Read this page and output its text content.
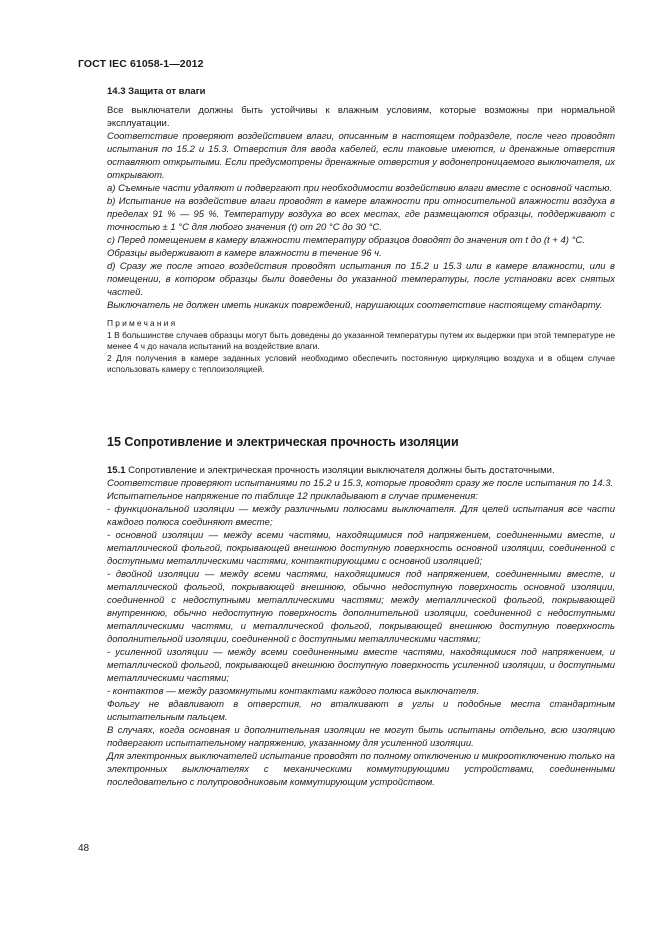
ГОСТ IEC 61058-1—2012
14.3 Защита от влаги

Все выключатели должны быть устойчивы к влажным условиям, которые возможны при нормальной эксплуатации.

Соответствие проверяют воздействием влаги, описанным в настоящем подразделе, после чего проводят испытания по 15.2 и 15.3. Отверстия для ввода кабелей, если таковые имеются, и дренажные отверстия оставляют открытыми. Если предусмотрены дренажные отверстия у водонепроницаемого выключателя, их открывают.

a) Съемные части удаляют и подвергают при необходимости воздействию влаги вместе с основной частью.

b) Испытание на воздействие влаги проводят в камере влажности при относительной влажности воздуха в пределах 91 % — 95 %. Температуру воздуха во всех местах, где размещаются образцы, поддерживают с точностью ± 1 °С для любого значения (t) от 20 °С до 30 °С.

c) Перед помещением в камеру влажности температуру образцов доводят до значения от t до (t + 4) °С.

Образцы выдерживают в камере влажности в течение 96 ч.

d) Сразу же после этого воздействия проводят испытания по 15.2 и 15.3 или в камере влажности, или в помещении, в котором образцы были доведены до указанной температуры, после установки всех снятых частей.

Выключатель не должен иметь никаких повреждений, нарушающих соответствие настоящему стандарту.

Примечания

1 В большинстве случаев образцы могут быть доведены до указанной температуры путем их выдержки при этой температуре не менее 4 ч до начала испытаний на воздействие влаги.

2 Для получения в камере заданных условий необходимо обеспечить постоянную циркуляцию воздуха и в общем случае использовать камеру с теплоизоляцией.

15 Сопротивление и электрическая прочность изоляции

15.1 Сопротивление и электрическая прочность изоляции выключателя должны быть достаточными.

Соответствие проверяют испытаниями по 15.2 и 15.3, которые проводят сразу же после испытания по 14.3.

Испытательное напряжение по таблице 12 прикладывают в случае применения:

- функциональной изоляции — между различными полюсами выключателя. Для целей испытания все части каждого полюса соединяют вместе;

- основной изоляции — между всеми частями, находящимися под напряжением, соединенными вместе, и металлической фольгой, покрывающей внешнюю доступную поверхность основной изоляции, соединенной с доступными металлическими частями, контактирующими с основной изоляцией;

- двойной изоляции — между всеми частями, находящимися под напряжением, соединенными вместе, и металлической фольгой, покрывающей внешнюю, обычно недоступную поверхность основной изоляции, соединенной с недоступными металлическими частями; между металлической фольгой, покрывающей внутреннюю, обычно недоступную поверхность дополнительной изоляции, соединенной с недоступными металлическими частями, и металлической фольгой, покрывающей внешнюю доступную поверхность дополнительной изоляции, соединенной с доступными металлическими частями;

- усиленной изоляции — между всеми соединенными вместе частями, находящимися под напряжением, и металлической фольгой, покрывающей внешнюю доступную поверхность усиленной изоляции, и доступными металлическими частями;

- контактов — между разомкнутыми контактами каждого полюса выключателя.

Фольгу не вдавливают в отверстия, но вталкивают в углы и подобные места стандартным испытательным пальцем.

В случаях, когда основная и дополнительная изоляции не могут быть испытаны отдельно, всю изоляцию подвергают испытательному напряжению, указанному для усиленной изоляции.

Для электронных выключателей испытание проводят по полному отключению и микроотключению только на электронных выключателях с механическими коммутирующими устройствами, соединенными последовательно с полупроводниковым коммутирующим устройством.

48
